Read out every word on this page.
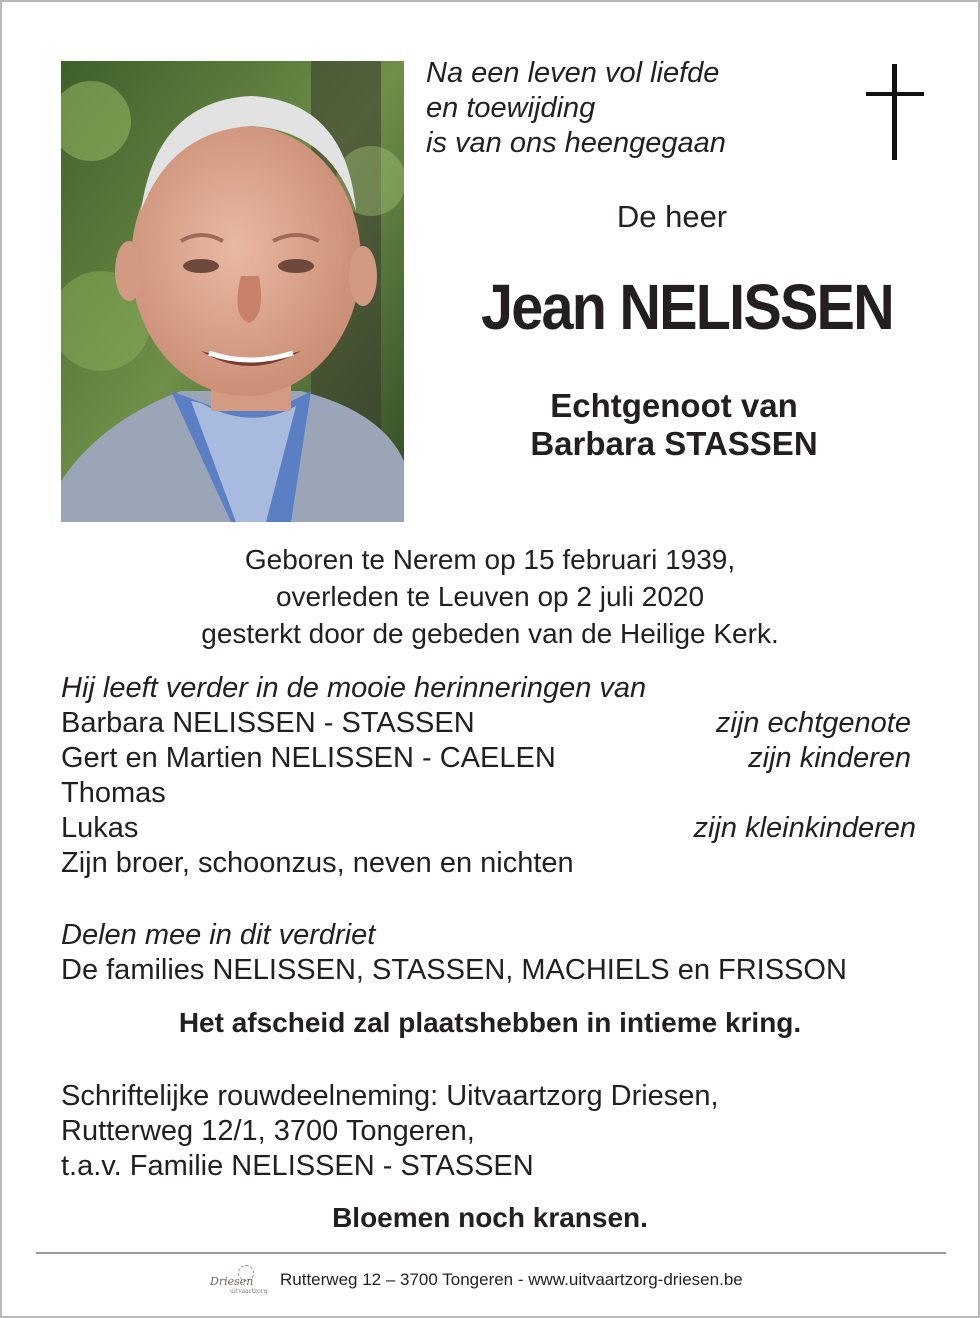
Na een leven vol liefde
en toewijding
is van ons heengegaan
De heer
Jean NELISSEN
Echtgenoot van
Barbara STASSEN
Geboren te Nerem op 15 februari 1939,
overleden te Leuven op 2 juli 2020
gesterkt door de gebeden van de Heilige Kerk.
Hij leeft verder in de mooie herinneringen van
Barbara NELISSEN - STASSEN	zijn echtgenote
Gert en Martien NELISSEN - CAELEN	zijn kinderen
Thomas
Lukas	zijn kleinkinderen
Zijn broer, schoonzus, neven en nichten
Delen mee in dit verdriet
De families NELISSEN, STASSEN, MACHIELS en FRISSON
Het afscheid zal plaatshebben in intieme kring.
Schriftelijke rouwdeelneming: Uitvaartzorg Driesen,
Rutterweg 12/1, 3700 Tongeren,
t.a.v. Familie NELISSEN - STASSEN
Bloemen noch kransen.
Driesen
uitvaartzorg
Rutterweg 12 – 3700 Tongeren - www.uitvaartzorg-driesen.be
